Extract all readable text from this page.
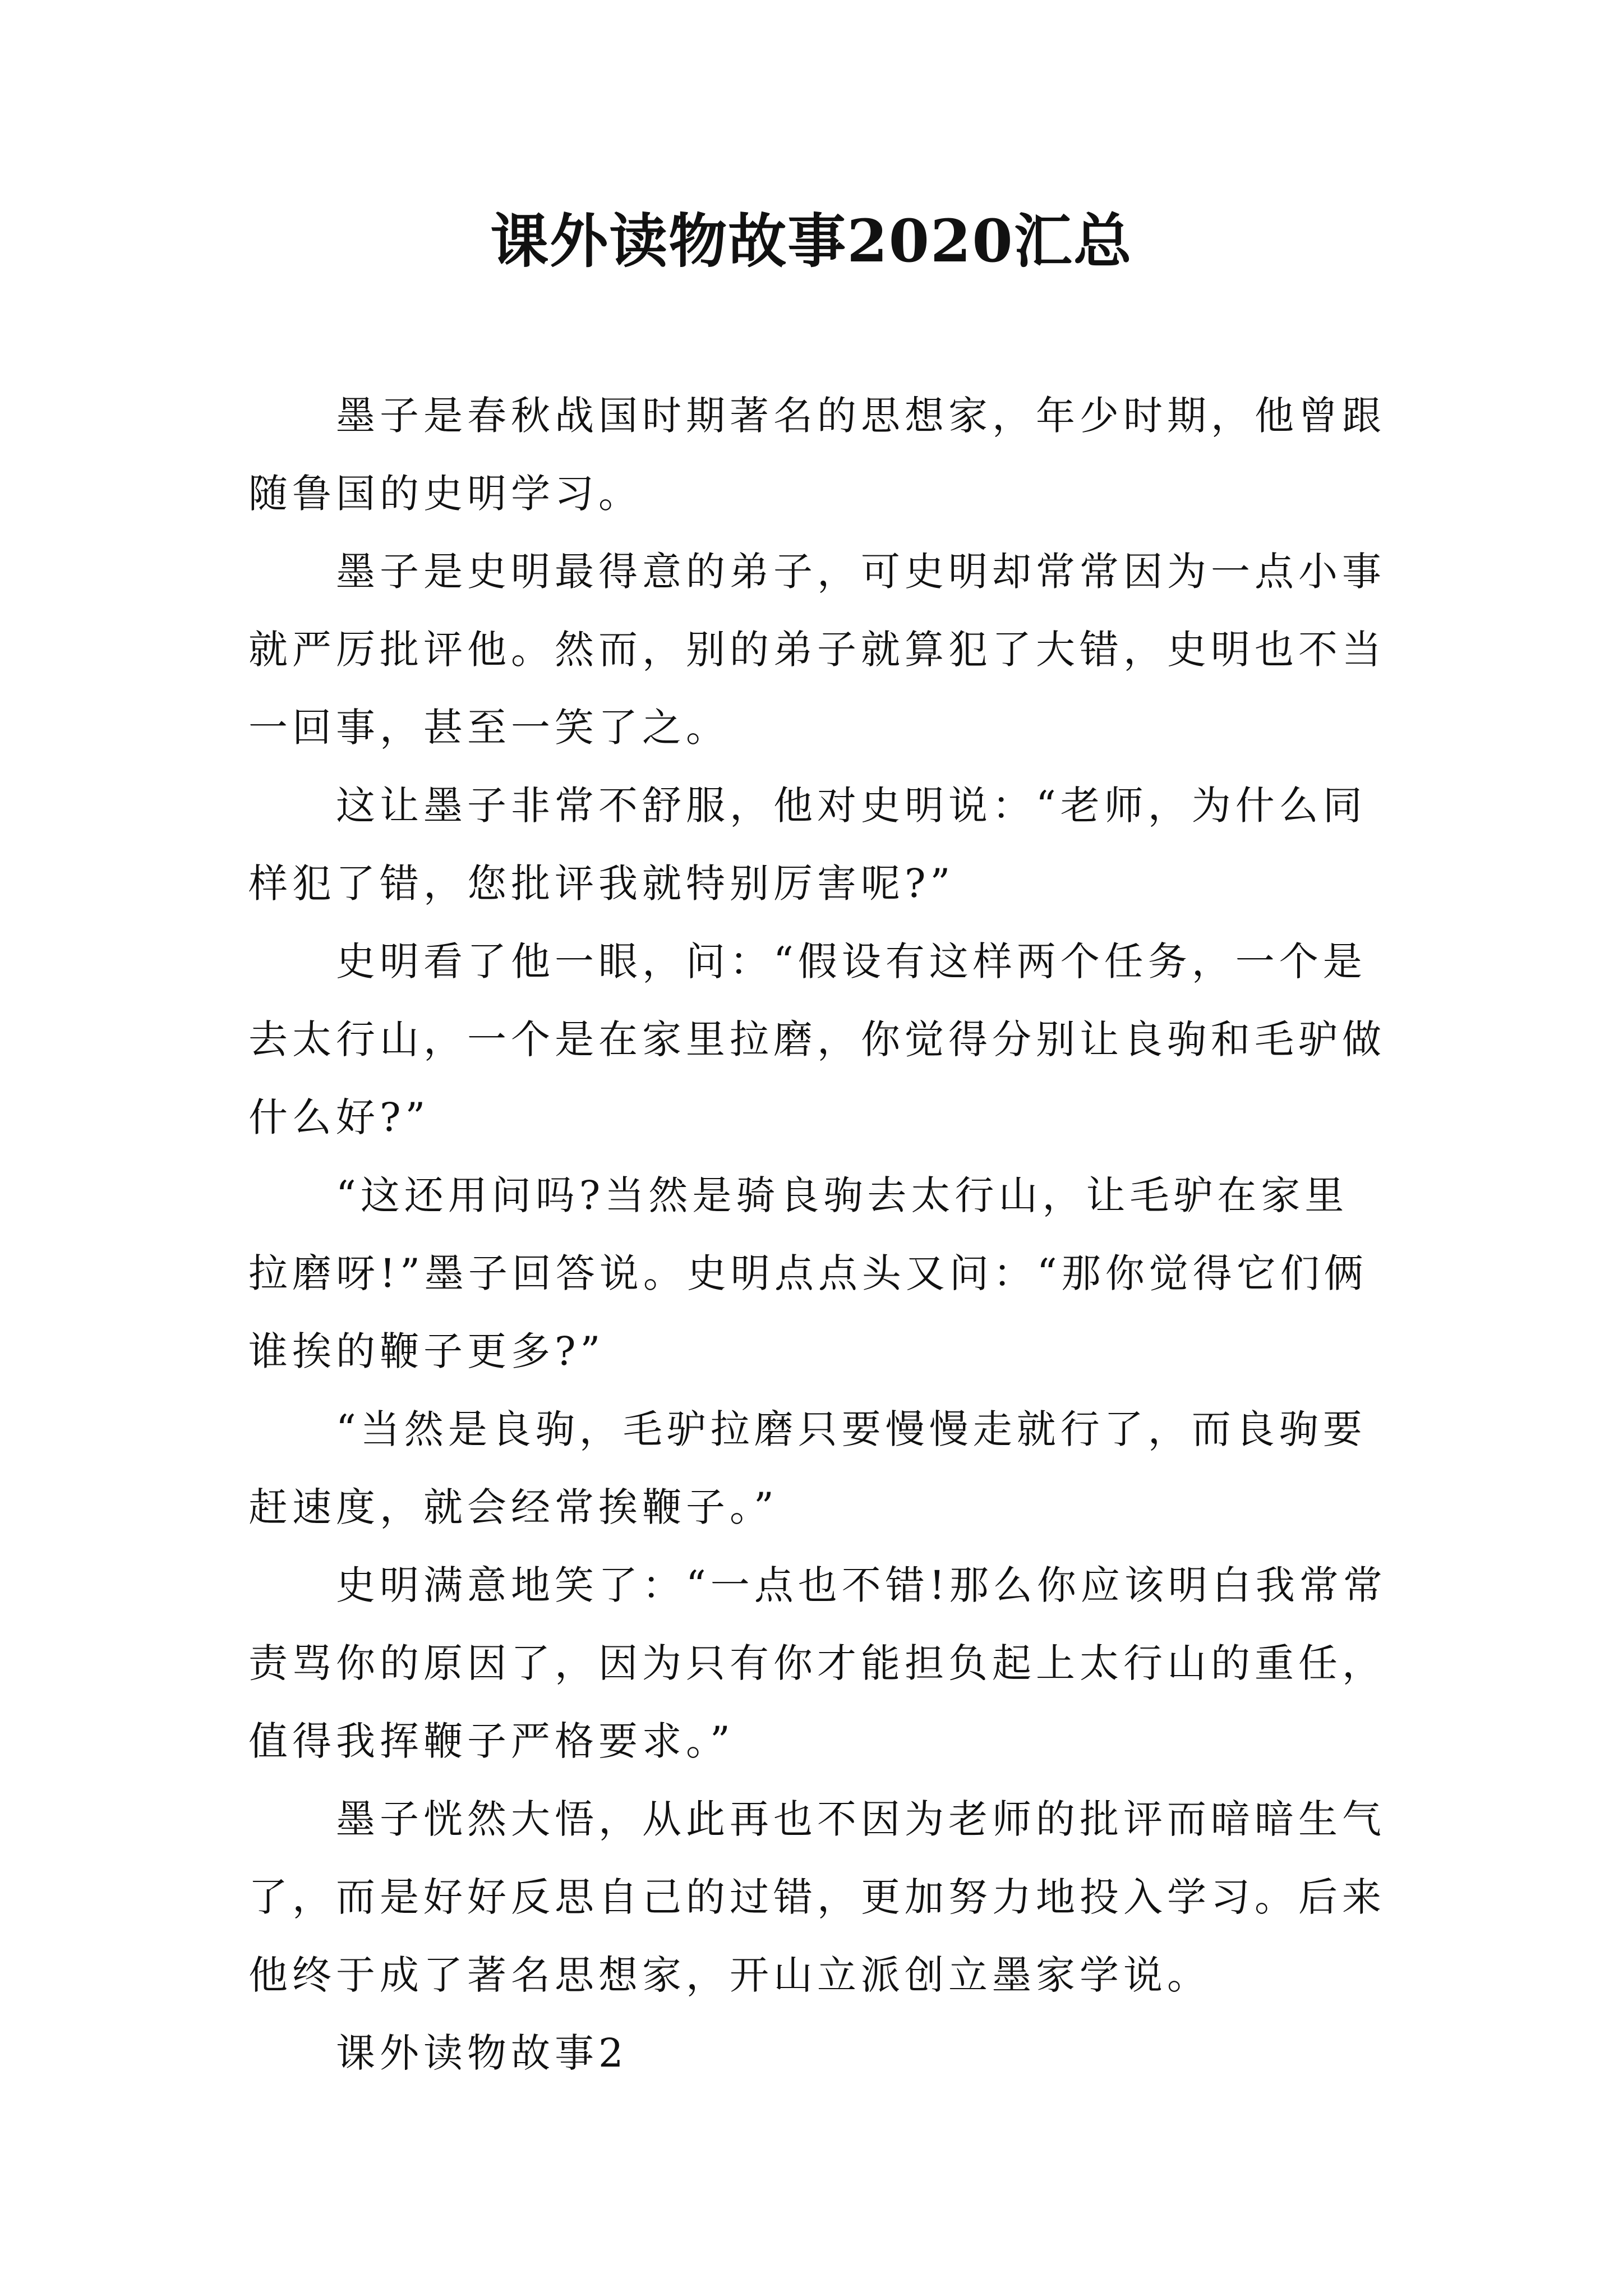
课外读物故事2020汇总

墨子是春秋战国时期著名的思想家，年少时期，他曾跟
随鲁国的史明学习。

墨子是史明最得意的弟子，可史明却常常因为一点小事
就严厉批评他。然而，别的弟子就算犯了大错，史明也不当
一回事，甚至一笑了之。

这让墨子非常不舒服，他对史明说：“老师，为什么同
样犯了错，您批评我就特别厉害呢?”

史明看了他一眼，问：“假设有这样两个任务，一个是
去太行山，一个是在家里拉磨，你觉得分别让良驹和毛驴做
什么好?”

“这还用问吗?当然是骑良驹去太行山，让毛驴在家里
拉磨呀!”墨子回答说。史明点点头又问：“那你觉得它们俩
谁挨的鞭子更多?”

“当然是良驹，毛驴拉磨只要慢慢走就行了，而良驹要
赶速度，就会经常挨鞭子。”

史明满意地笑了：“一点也不错!那么你应该明白我常常
责骂你的原因了，因为只有你才能担负起上太行山的重任，
值得我挥鞭子严格要求。”

墨子恍然大悟，从此再也不因为老师的批评而暗暗生气
了，而是好好反思自己的过错，更加努力地投入学习。后来
他终于成了著名思想家，开山立派创立墨家学说。

课外读物故事2
